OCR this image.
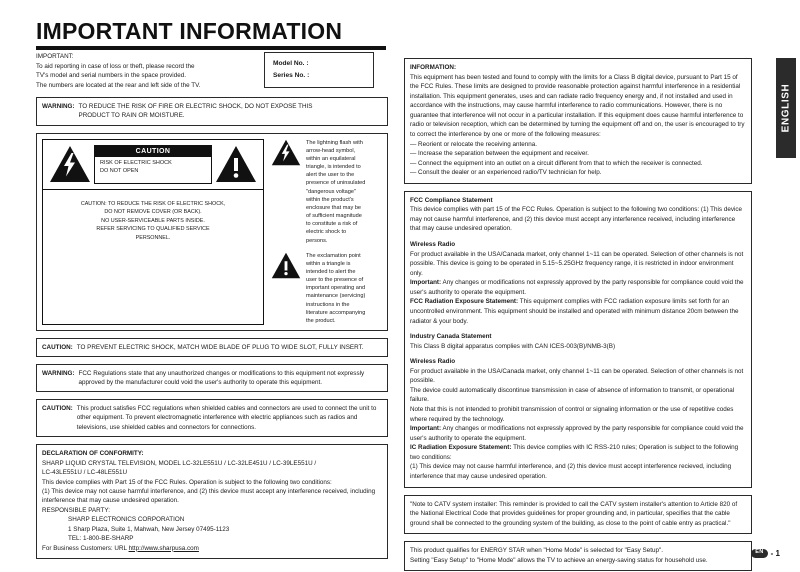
IMPORTANT INFORMATION
ENGLISH
IMPORTANT:
To aid reporting in case of loss or theft, please record the
TV's model and serial numbers in the space provided.
The numbers are located at the rear and left side of the TV.
Model No. :
Series No. :
WARNING: TO REDUCE THE RISK OF FIRE OR ELECTRIC SHOCK, DO NOT EXPOSE THIS
PRODUCT TO RAIN OR MOISTURE.
CAUTION
RISK OF ELECTRIC SHOCK
DO NOT OPEN
CAUTION: TO REDUCE THE RISK OF ELECTRIC SHOCK,
DO NOT REMOVE COVER (OR BACK).
NO USER-SERVICEABLE PARTS INSIDE.
REFER SERVICING TO QUALIFIED SERVICE
PERSONNEL.
The lightning flash with arrow-head symbol, within an equilateral triangle, is intended to alert the user to the presence of uninsulated "dangerous voltage" within the product's enclosure that may be of sufficient magnitude to constitute a risk of electric shock to persons.
The exclamation point within a triangle is intended to alert the user to the presence of important operating and maintenance (servicing) instructions in the literature accompanying the product.
CAUTION: TO PREVENT ELECTRIC SHOCK, MATCH WIDE BLADE OF PLUG TO WIDE SLOT, FULLY INSERT.
WARNING: FCC Regulations state that any unauthorized changes or modifications to this equipment not expressly approved by the manufacturer could void the user's authority to operate this equipment.
CAUTION: This product satisfies FCC regulations when shielded cables and connectors are used to connect the unit to other equipment. To prevent electromagnetic interference with electric appliances such as radios and televisions, use shielded cables and connectors for connections.
DECLARATION OF CONFORMITY:
SHARP LIQUID CRYSTAL TELEVISION, MODEL LC-32LE551U / LC-32LE451U / LC-39LE551U /
LC-43LE551U / LC-48LE551U
This device complies with Part 15 of the FCC Rules. Operation is subject to the following two conditions:
(1) This device may not cause harmful interference, and (2) this device must accept any interference received, including interference that may cause undesired operation.
RESPONSIBLE PARTY:
SHARP ELECTRONICS CORPORATION
1 Sharp Plaza, Suite 1, Mahwah, New Jersey 07495-1123
TEL: 1-800-BE-SHARP
For Business Customers: URL http://www.sharpusa.com
INFORMATION:
This equipment has been tested and found to comply with the limits for a Class B digital device, pursuant to Part 15 of the FCC Rules. These limits are designed to provide reasonable protection against harmful interference in a residential installation. This equipment generates, uses and can radiate radio frequency energy and, if not installed and used in accordance with the instructions, may cause harmful interference to radio communications. However, there is no guarantee that interference will not occur in a particular installation. If this equipment does cause harmful interference to radio or television reception, which can be determined by turning the equipment off and on, the user is encouraged to try to correct the interference by one or more of the following measures:
— Reorient or relocate the receiving antenna.
— Increase the separation between the equipment and receiver.
— Connect the equipment into an outlet on a circuit different from that to which the receiver is connected.
— Consult the dealer or an experienced radio/TV technician for help.
FCC Compliance Statement
This device complies with part 15 of the FCC Rules. Operation is subject to the following two conditions: (1) This device may not cause harmful interference, and (2) this device must accept any interference received, including interference that may cause undesired operation.
Wireless Radio
For product available in the USA/Canada market, only channel 1~11 can be operated. Selection of other channels is not possible. This device is going to be operated in 5.15~5.25GHz frequency range, it is restricted in indoor environment only.
Important: Any changes or modifications not expressly approved by the party responsible for compliance could void the user's authority to operate the equipment.
FCC Radiation Exposure Statement: This equipment complies with FCC radiation exposure limits set forth for an uncontrolled environment. This equipment should be installed and operated with minimum distance 20cm between the radiator & your body.
Industry Canada Statement
This Class B digital apparatus complies with CAN ICES-003(B)/NMB-3(B)
Wireless Radio
For product available in the USA/Canada market, only channel 1~11 can be operated. Selection of other channels is not possible.
The device could automatically discontinue transmission in case of absence of information to transmit, or operational failure.
Note that this is not intended to prohibit transmission of control or signaling information or the use of repetitive codes where required by the technology.
Important: Any changes or modifications not expressly approved by the party responsible for compliance could void the user's authority to operate the equipment.
IC Radiation Exposure Statement: This device complies with IC RSS-210 rules; Operation is subject to the following two conditions:
(1) This device may not cause harmful interference, and (2) this device must accept interference recieved, including interference that may cause undesired operation.
"Note to CATV system installer: This reminder is provided to call the CATV system installer's attention to Article 820 of the National Electrical Code that provides guidelines for proper grounding and, in particular, specifies that the cable ground shall be connected to the grounding system of the building, as close to the point of cable entry as practical."
This product qualifies for ENERGY STAR when "Home Mode" is selected for "Easy Setup".
Setting "Easy Setup" to "Home Mode" allows the TV to achieve an energy-saving status for household use.
EN - 1
